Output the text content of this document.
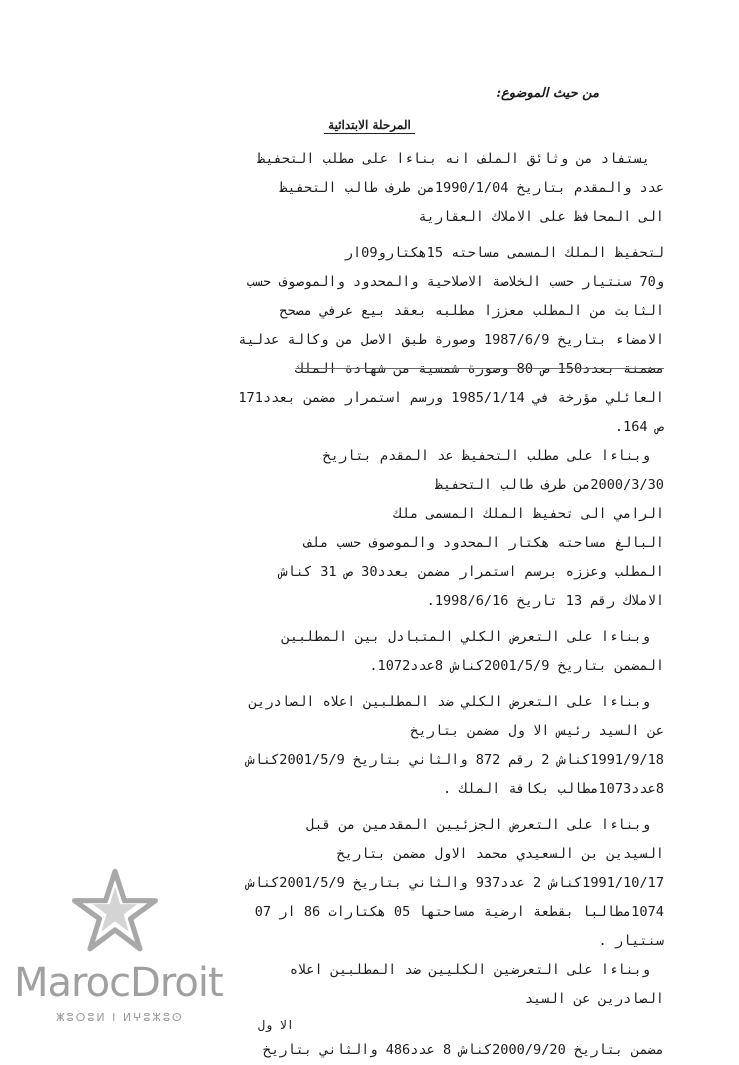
من حيث الموضوع:
المرحلة الابتدائية
يستفاد من وثائق الملف انه بناءا على مطلب التحفيظ
عدد والمقدم بتاريخ 1990/1/04من طرف طالب التحفيظ
الى المحافظ على الاملاك العقارية
لتحفيظ الملك المسمى مساحته 15هكتارو09ار
و70 سنتيار حسب الخلاصة الاصلاحية والمحدود والموصوف حسب
الثابت من المطلب معززا مطلبه بعقد بيع عرفي مصحح
الامضاء بتاريخ 1987/6/9 وصورة طبق الاصل من وكالة عدلية
مضمنة بعدد150 ص 80 وصورة شمسية من شهادة الملك
العائلي مؤرخة في 1985/1/14 ورسم استمرار مضمن بعدد171
ص 164.
وبناءا على مطلب التحفيظ عد المقدم بتاريخ
2000/3/30من طرف طالب التحفيظ
الرامي الى تحفيظ الملك المسمى ملك
البالغ مساحته هكتار المحدود والموصوف حسب ملف
المطلب وعززه برسم استمرار مضمن بعدد30 ص 31 كناش
الاملاك رقم 13 تاريخ 1998/6/16.
وبناءا على التعرض الكلي المتبادل بين المطلبين
المضمن بتاريخ 2001/5/9كناش 8عدد1072.
وبناءا على التعرض الكلي ضد المطلبين اعلاه الصادرين
عن السيد رئيس الا ول مضمن بتاريخ
1991/9/18كناش 2 رقم 872 والثاني بتاريخ 2001/5/9كناش
8عدد1073مطالب بكافة الملك .
وبناءا على التعرض الجزئيين المقدمين من قبل
السيدين بن السعيدي محمد الاول مضمن بتاريخ
1991/10/17كناش 2 عدد937 والثاني بتاريخ 2001/5/9كناش
1074مطالبا بقطعة ارضية مساحتها 05 هكتارات 86 ار 07
سنتيار .
وبناءا على التعرضين الكليين ضد المطلبين اعلاه
الصادرين عن السيد
الا ول
مضمن بتاريخ 2000/9/20كناش 8 عدد486 والثاني بتاريخ
MarocDroit
ⵥⵓⵔⵓⵍ ⵏ ⵍⵖⵓⵣⵓⵙ
